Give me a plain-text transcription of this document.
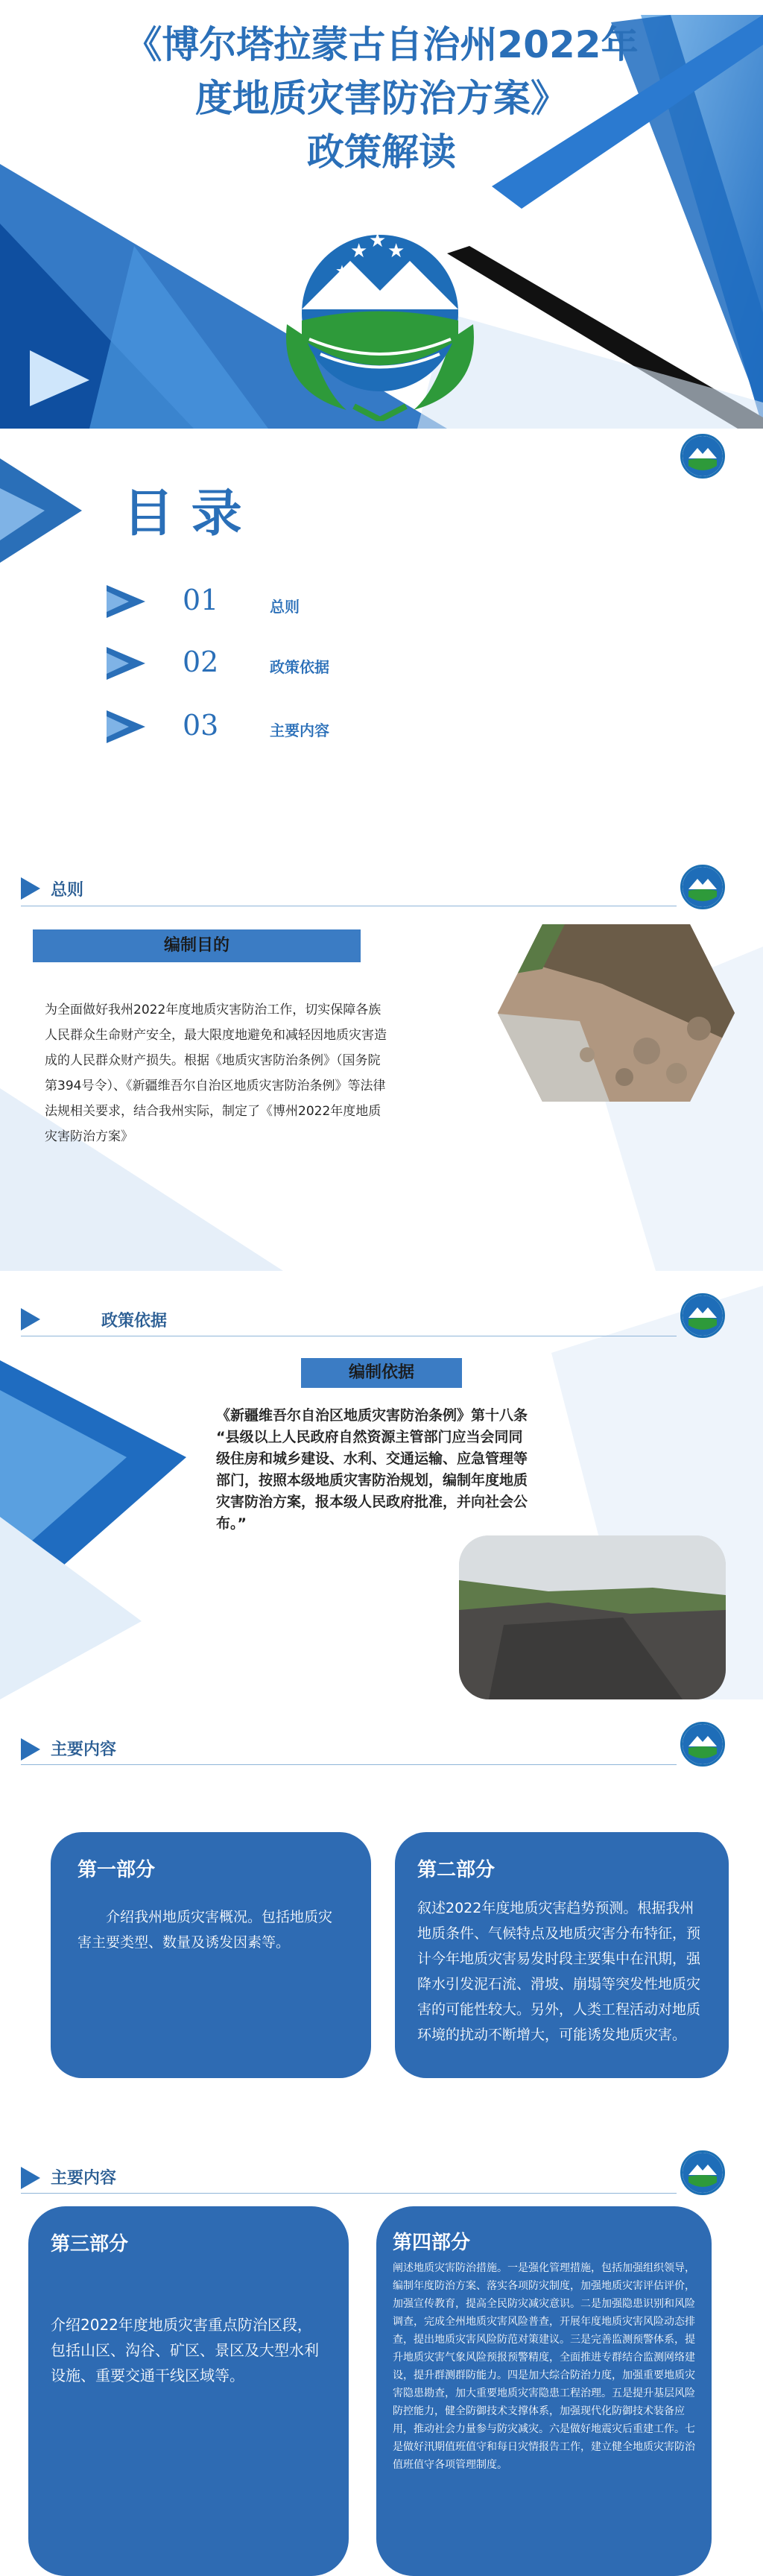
《博尔塔拉蒙古自治州2022年
度地质灾害防治方案》
政策解读
★ ★ ★
★	★
目 录
01	总则
02	政策依据
03	主要内容
总则
编制目的
为全面做好我州2022年度地质灾害防治工作，切实保障各族人民群众生命财产安全，最大限度地避免和减轻因地质灾害造成的人民群众财产损失。根据《地质灾害防治条例》（国务院第394号令）、《新疆维吾尔自治区地质灾害防治条例》等法律法规相关要求，结合我州实际，制定了《博州2022年度地质灾害防治方案》
政策依据
编制依据
《新疆维吾尔自治区地质灾害防治条例》第十八条 “县级以上人民政府自然资源主管部门应当会同同级住房和城乡建设、水利、交通运输、应急管理等部门，按照本级地质灾害防治规划，编制年度地质灾害防治方案，报本级人民政府批准，并向社会公布。”
主要内容
第一部分

介绍我州地质灾害概况。包括地质灾害主要类型、数量及诱发因素等。

第二部分

叙述2022年度地质灾害趋势预测。根据我州地质条件、气候特点及地质灾害分布特征，预计今年地质灾害易发时段主要集中在汛期，强降水引发泥石流、滑坡、崩塌等突发性地质灾害的可能性较大。另外，人类工程活动对地质环境的扰动不断增大，可能诱发地质灾害。

主要内容
第三部分

介绍2022年度地质灾害重点防治区段，包括山区、沟谷、矿区、景区及大型水利设施、重要交通干线区域等。

第四部分

阐述地质灾害防治措施。一是强化管理措施，包括加强组织领导，编制年度防治方案、落实各项防灾制度，加强地质灾害评估评价，加强宣传教育，提高全民防灾减灾意识。二是加强隐患识别和风险调查，完成全州地质灾害风险普查，开展年度地质灾害风险动态排查，提出地质灾害风险防范对策建议。三是完善监测预警体系，提升地质灾害气象风险预报预警精度，全面推进专群结合监测网络建设，提升群测群防能力。四是加大综合防治力度，加强重要地质灾害隐患勘查，加大重要地质灾害隐患工程治理。五是提升基层风险防控能力，健全防御技术支撑体系，加强现代化防御技术装备应用，推动社会力量参与防灾减灾。六是做好地震灾后重建工作。七是做好汛期值班值守和每日灾情报告工作，建立健全地质灾害防治值班值守各项管理制度。
